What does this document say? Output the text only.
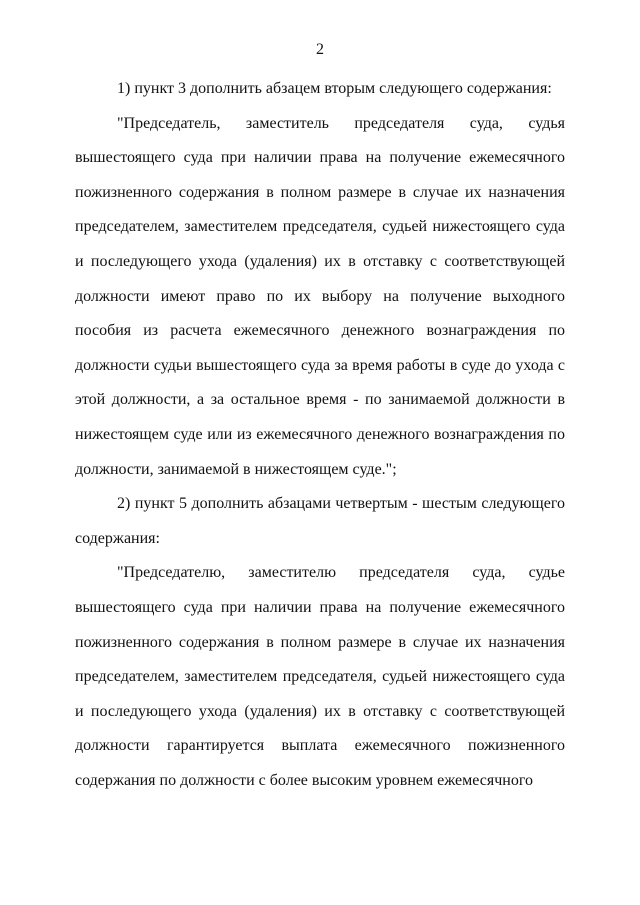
2

1) пункт 3 дополнить абзацем вторым следующего содержания:

"Председатель, заместитель председателя суда, судья вышестоящего суда при наличии права на получение ежемесячного пожизненного содержания в полном размере в случае их назначения председателем, заместителем председателя, судьей нижестоящего суда и последующего ухода (удаления) их в отставку с соответствующей должности имеют право по их выбору на получение выходного пособия из расчета ежемесячного денежного вознаграждения по должности судьи вышестоящего суда за время работы в суде до ухода с этой должности, а за остальное время - по занимаемой должности в нижестоящем суде или из ежемесячного денежного вознаграждения по должности, занимаемой в нижестоящем суде.";

2) пункт 5 дополнить абзацами четвертым - шестым следующего содержания:

"Председателю, заместителю председателя суда, судье вышестоящего суда при наличии права на получение ежемесячного пожизненного содержания в полном размере в случае их назначения председателем, заместителем председателя, судьей нижестоящего суда и последующего ухода (удаления) их в отставку с соответствующей должности гарантируется выплата ежемесячного пожизненного содержания по должности с более высоким уровнем ежемесячного
